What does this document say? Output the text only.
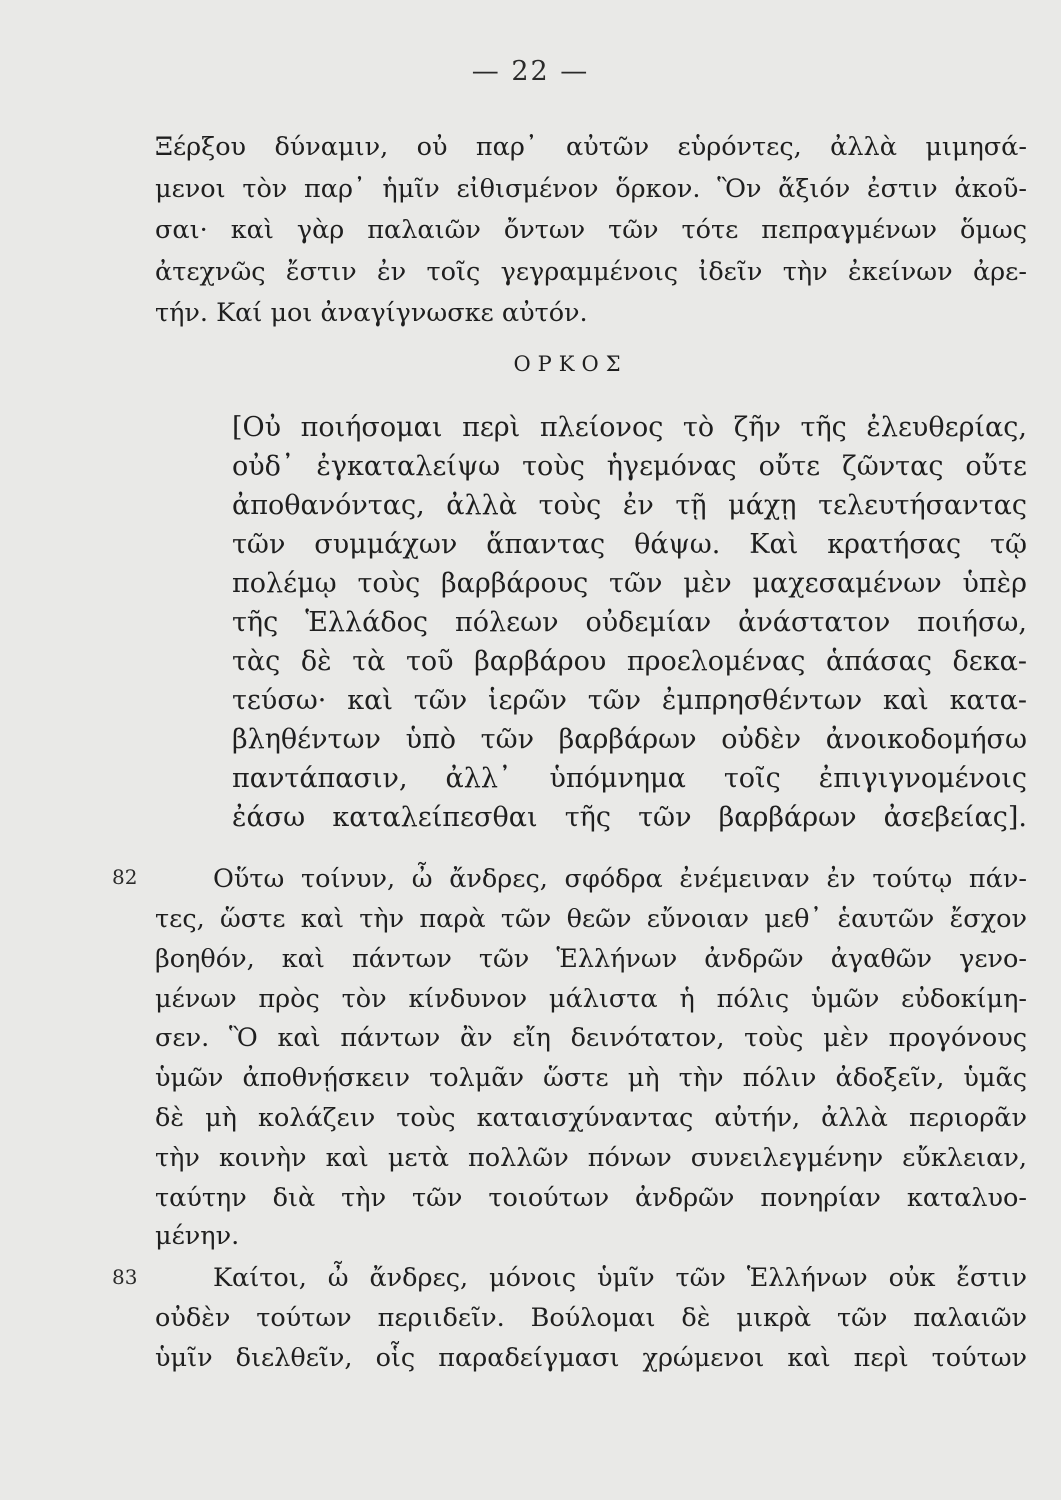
— 22 —
Ξέρξου δύναμιν, οὐ παρ᾽ αὐτῶν εὑρόντες, ἀλλὰ μιμησά-
μενοι τὸν παρ᾽ ἡμῖν εἰθισμένον ὅρκον. Ὃν ἄξιόν ἐστιν ἀκοῦ-
σαι· καὶ γὰρ παλαιῶν ὄντων τῶν τότε πεπραγμένων ὅμως
ἀτεχνῶς ἔστιν ἐν τοῖς γεγραμμένοις ἰδεῖν τὴν ἐκείνων ἀρε-
τήν. Καί μοι ἀναγίγνωσκε αὐτόν.
ΟΡΚΟΣ
[Οὐ ποιήσομαι περὶ πλείονος τὸ ζῆν τῆς ἐλευθερίας,
οὐδ᾽ ἐγκαταλείψω τοὺς ἡγεμόνας οὔτε ζῶντας οὔτε
ἀποθανόντας, ἀλλὰ τοὺς ἐν τῇ μάχῃ τελευτήσαντας
τῶν συμμάχων ἅπαντας θάψω. Καὶ κρατήσας τῷ
πολέμῳ τοὺς βαρβάρους τῶν μὲν μαχεσαμένων ὑπὲρ
τῆς Ἑλλάδος πόλεων οὐδεμίαν ἀνάστατον ποιήσω,
τὰς δὲ τὰ τοῦ βαρβάρου προελομένας ἁπάσας δεκα-
τεύσω· καὶ τῶν ἱερῶν τῶν ἐμπρησθέντων καὶ κατα-
βληθέντων ὑπὸ τῶν βαρβάρων οὐδὲν ἀνοικοδομήσω
παντάπασιν, ἀλλ᾽ ὑπόμνημα τοῖς ἐπιγιγνομένοις
ἐάσω καταλείπεσθαι τῆς τῶν βαρβάρων ἀσεβείας].
82	Οὕτω τοίνυν, ὦ ἄνδρες, σφόδρα ἐνέμειναν ἐν τούτῳ πάν-
τες, ὥστε καὶ τὴν παρὰ τῶν θεῶν εὔνοιαν μεθ᾽ ἑαυτῶν ἔσχον
βοηθόν, καὶ πάντων τῶν Ἑλλήνων ἀνδρῶν ἀγαθῶν γενο-
μένων πρὸς τὸν κίνδυνον μάλιστα ἡ πόλις ὑμῶν εὐδοκίμη-
σεν. Ὃ καὶ πάντων ἂν εἴη δεινότατον, τοὺς μὲν προγόνους
ὑμῶν ἀποθνῄσκειν τολμᾶν ὥστε μὴ τὴν πόλιν ἀδοξεῖν, ὑμᾶς
δὲ μὴ κολάζειν τοὺς καταισχύναντας αὐτήν, ἀλλὰ περιορᾶν
τὴν κοινὴν καὶ μετὰ πολλῶν πόνων συνειλεγμένην εὔκλειαν,
ταύτην διὰ τὴν τῶν τοιούτων ἀνδρῶν πονηρίαν καταλυο-
μένην.
83	Καίτοι, ὦ ἄνδρες, μόνοις ὑμῖν τῶν Ἑλλήνων οὐκ ἔστιν
οὐδὲν τούτων περιιδεῖν. Βούλομαι δὲ μικρὰ τῶν παλαιῶν
ὑμῖν διελθεῖν, οἷς παραδείγμασι χρώμενοι καὶ περὶ τούτων
